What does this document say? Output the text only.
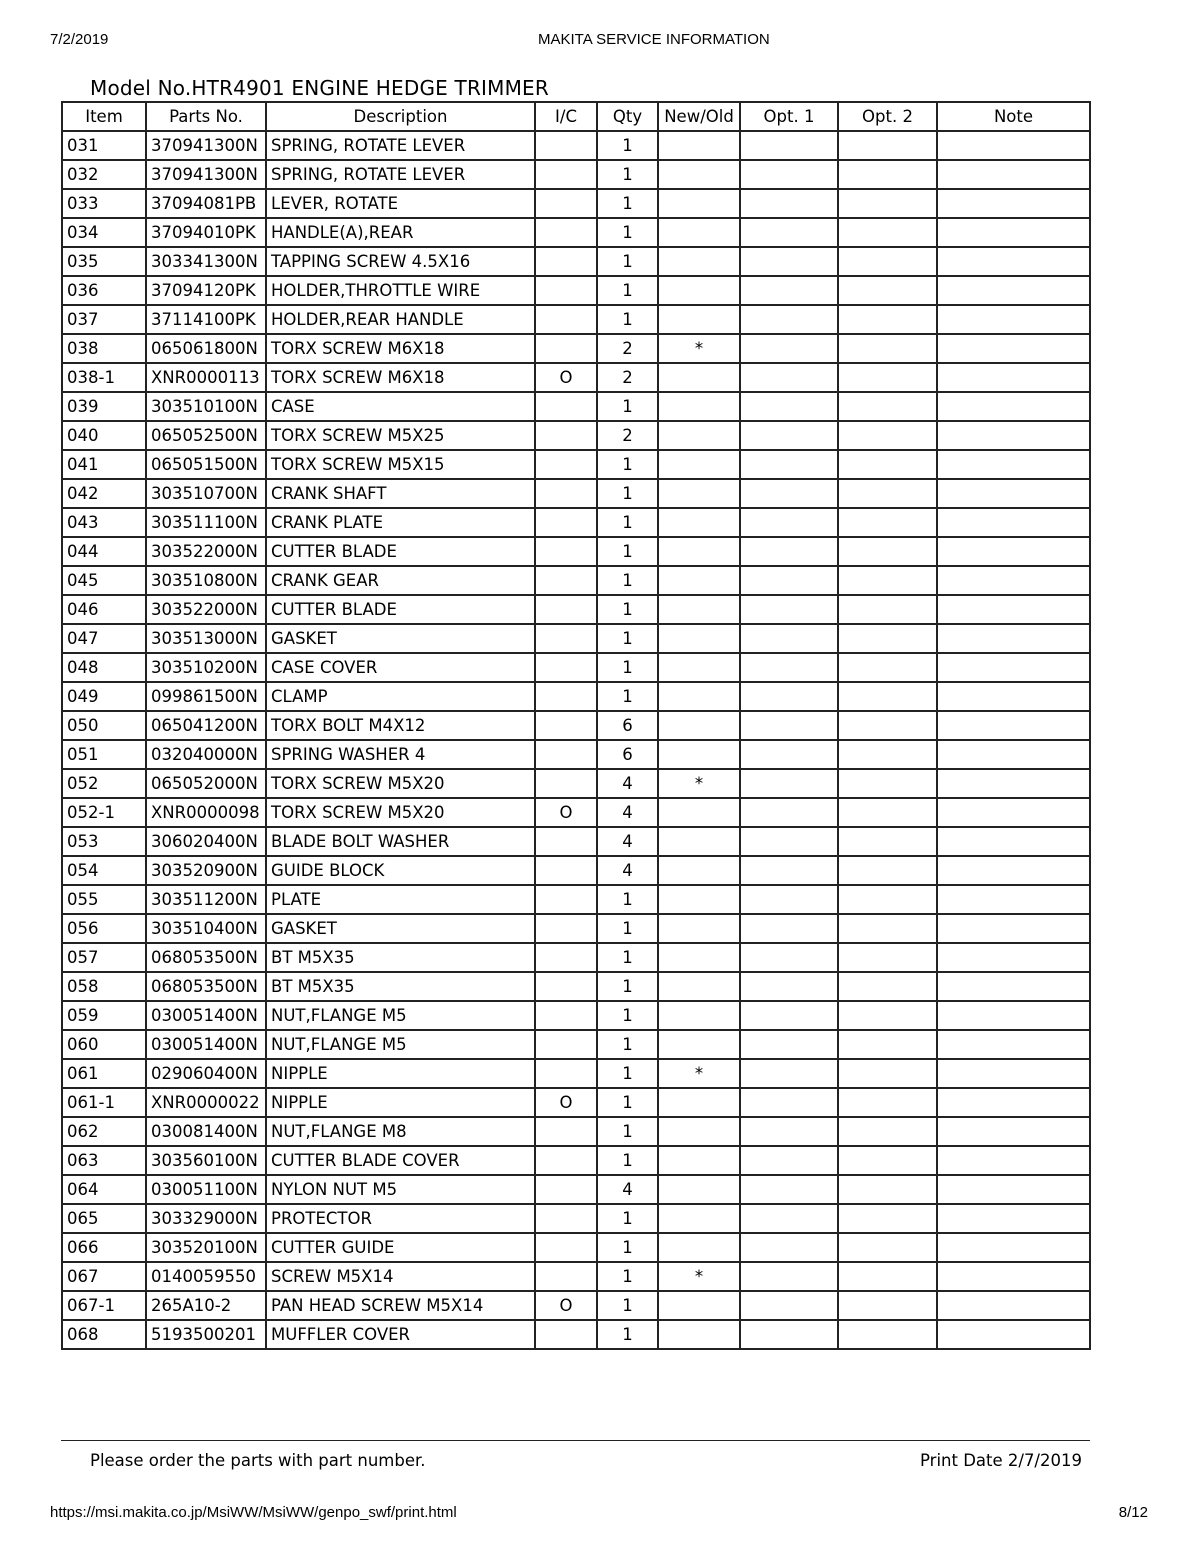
7/2/2019	MAKITA SERVICE INFORMATION
Model No.HTR4901 ENGINE HEDGE TRIMMER
Item	Parts No.	Description	I/C	Qty	New/Old	Opt. 1	Opt. 2	Note
031	370941300N	SPRING, ROTATE LEVER		1				
032	370941300N	SPRING, ROTATE LEVER		1				
033	37094081PB	LEVER, ROTATE		1				
034	37094010PK	HANDLE(A),REAR		1				
035	303341300N	TAPPING SCREW 4.5X16		1				
036	37094120PK	HOLDER,THROTTLE WIRE		1				
037	37114100PK	HOLDER,REAR HANDLE		1				
038	065061800N	TORX SCREW M6X18		2	*			
038-1	XNR0000113	TORX SCREW M6X18	O	2				
039	303510100N	CASE		1				
040	065052500N	TORX SCREW M5X25		2				
041	065051500N	TORX SCREW M5X15		1				
042	303510700N	CRANK SHAFT		1				
043	303511100N	CRANK PLATE		1				
044	303522000N	CUTTER BLADE		1				
045	303510800N	CRANK GEAR		1				
046	303522000N	CUTTER BLADE		1				
047	303513000N	GASKET		1				
048	303510200N	CASE COVER		1				
049	099861500N	CLAMP		1				
050	065041200N	TORX BOLT M4X12		6				
051	032040000N	SPRING WASHER 4		6				
052	065052000N	TORX SCREW M5X20		4	*			
052-1	XNR0000098	TORX SCREW M5X20	O	4				
053	306020400N	BLADE BOLT WASHER		4				
054	303520900N	GUIDE BLOCK		4				
055	303511200N	PLATE		1				
056	303510400N	GASKET		1				
057	068053500N	BT M5X35		1				
058	068053500N	BT M5X35		1				
059	030051400N	NUT,FLANGE M5		1				
060	030051400N	NUT,FLANGE M5		1				
061	029060400N	NIPPLE		1	*			
061-1	XNR0000022	NIPPLE	O	1				
062	030081400N	NUT,FLANGE M8		1				
063	303560100N	CUTTER BLADE COVER		1				
064	030051100N	NYLON NUT M5		4				
065	303329000N	PROTECTOR		1				
066	303520100N	CUTTER GUIDE		1				
067	0140059550	SCREW M5X14		1	*			
067-1	265A10-2	PAN HEAD SCREW M5X14	O	1				
068	5193500201	MUFFLER COVER		1				
Please order the parts with part number.	Print Date 2/7/2019
https://msi.makita.co.jp/MsiWW/MsiWW/genpo_swf/print.html	8/12
